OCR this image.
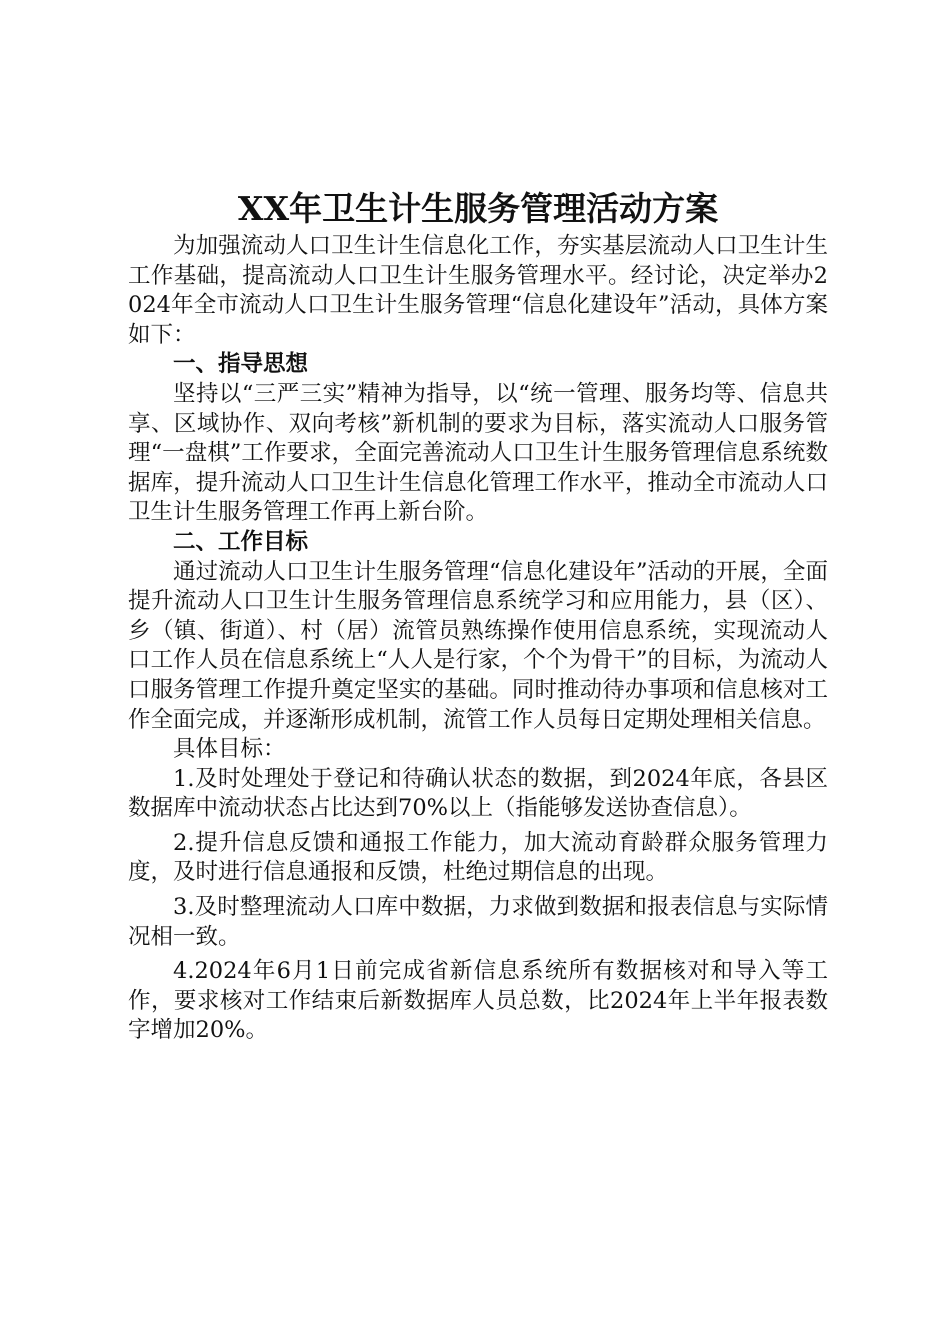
XX年卫生计生服务管理活动方案

为加强流动人口卫生计生信息化工作，夯实基层流动人口卫生计生工作基础，提高流动人口卫生计生服务管理水平。经讨论，决定举办2024年全市流动人口卫生计生服务管理“信息化建设年”活动，具体方案如下：

一、指导思想

坚持以“三严三实”精神为指导，以“统一管理、服务均等、信息共享、区域协作、双向考核”新机制的要求为目标，落实流动人口服务管理“一盘棋”工作要求，全面完善流动人口卫生计生服务管理信息系统数据库，提升流动人口卫生计生信息化管理工作水平，推动全市流动人口卫生计生服务管理工作再上新台阶。

二、工作目标

通过流动人口卫生计生服务管理“信息化建设年”活动的开展，全面提升流动人口卫生计生服务管理信息系统学习和应用能力，县（区）、乡（镇、街道）、村（居）流管员熟练操作使用信息系统，实现流动人口工作人员在信息系统上“人人是行家，个个为骨干”的目标，为流动人口服务管理工作提升奠定坚实的基础。同时推动待办事项和信息核对工作全面完成，并逐渐形成机制，流管工作人员每日定期处理相关信息。

具体目标：

1.及时处理处于登记和待确认状态的数据，到2024年底，各县区数据库中流动状态占比达到70%以上（指能够发送协查信息）。

2.提升信息反馈和通报工作能力，加大流动育龄群众服务管理力度，及时进行信息通报和反馈，杜绝过期信息的出现。

3.及时整理流动人口库中数据，力求做到数据和报表信息与实际情况相一致。

4.2024年6月1日前完成省新信息系统所有数据核对和导入等工作，要求核对工作结束后新数据库人员总数，比2024年上半年报表数字增加20%。
